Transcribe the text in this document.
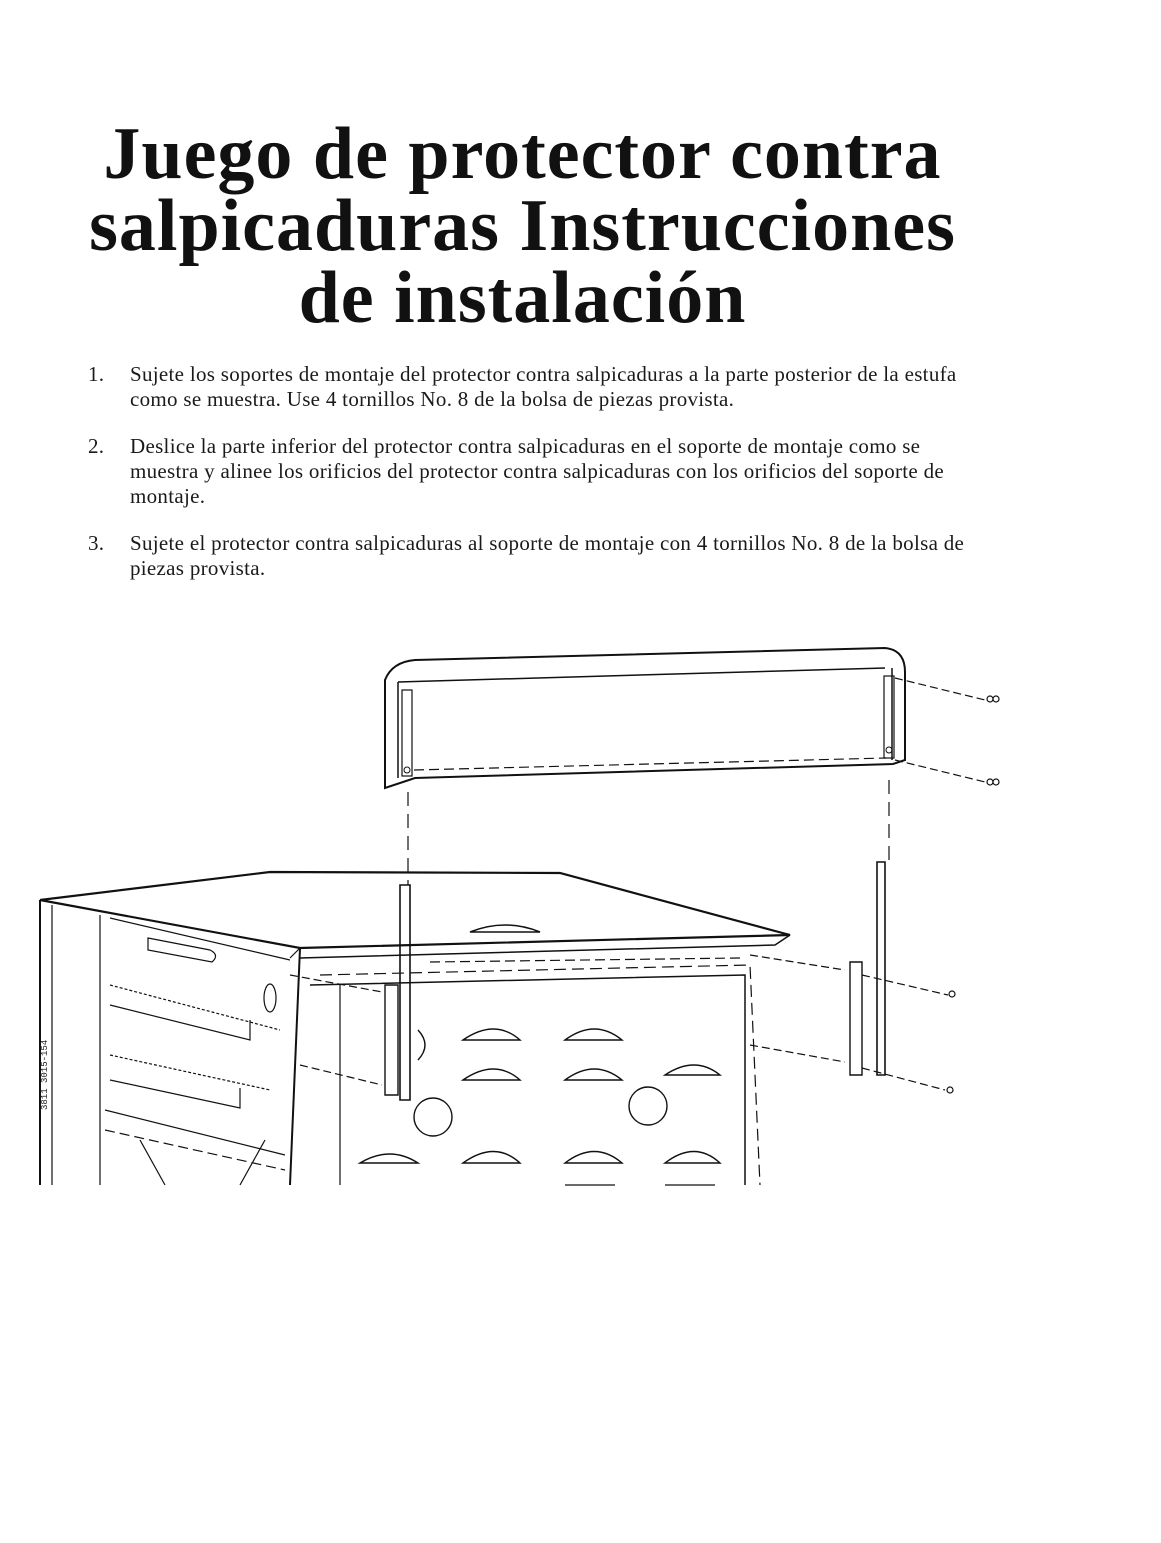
Juego de protector contra
salpicaduras Instrucciones
de instalación
1. Sujete los soportes de montaje del protector contra salpicaduras a la parte posterior de la estufa como se muestra. Use 4 tornillos No. 8 de la bolsa de piezas provista.
2. Deslice la parte inferior del protector contra salpicaduras en el soporte de montaje como se muestra y alinee los orificios del protector contra salpicaduras con los orificios del soporte de montaje.
3. Sujete el protector contra salpicaduras al soporte de montaje con 4 tornillos No. 8 de la bolsa de piezas provista.
3811 3015-154
